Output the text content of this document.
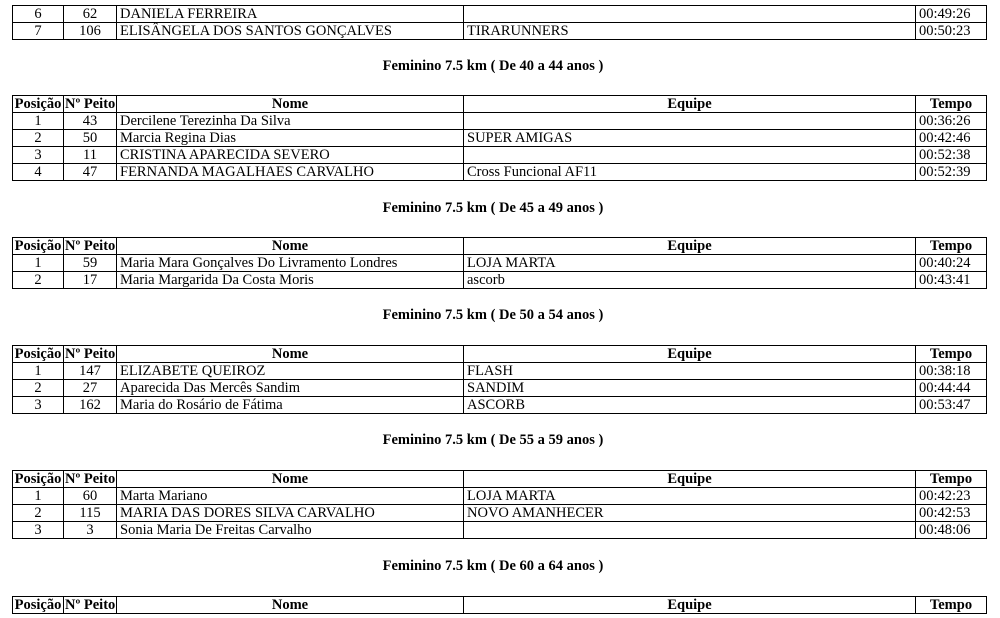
6	62	DANIELA FERREIRA		00:49:26
7	106	ELISÂNGELA DOS SANTOS GONÇALVES	TIRARUNNERS	00:50:23
Feminino 7.5 km ( De 40 a 44 anos )
Posição	Nº Peito	Nome	Equipe	Tempo
1	43	Dercilene Terezinha Da Silva		00:36:26
2	50	Marcia Regina Dias	SUPER AMIGAS	00:42:46
3	11	CRISTINA APARECIDA SEVERO		00:52:38
4	47	FERNANDA MAGALHAES CARVALHO	Cross Funcional AF11	00:52:39
Feminino 7.5 km ( De 45 a 49 anos )
Posição	Nº Peito	Nome	Equipe	Tempo
1	59	Maria Mara Gonçalves Do Livramento Londres	LOJA MARTA	00:40:24
2	17	Maria Margarida Da Costa Moris	ascorb	00:43:41
Feminino 7.5 km ( De 50 a 54 anos )
Posição	Nº Peito	Nome	Equipe	Tempo
1	147	ELIZABETE QUEIROZ	FLASH	00:38:18
2	27	Aparecida Das Mercês Sandim	SANDIM	00:44:44
3	162	Maria do Rosário de Fátima	ASCORB	00:53:47
Feminino 7.5 km ( De 55 a 59 anos )
Posição	Nº Peito	Nome	Equipe	Tempo
1	60	Marta Mariano	LOJA MARTA	00:42:23
2	115	MARIA DAS DORES SILVA CARVALHO	NOVO AMANHECER	00:42:53
3	3	Sonia Maria De Freitas Carvalho		00:48:06
Feminino 7.5 km ( De 60 a 64 anos )
Posição	Nº Peito	Nome	Equipe	Tempo
